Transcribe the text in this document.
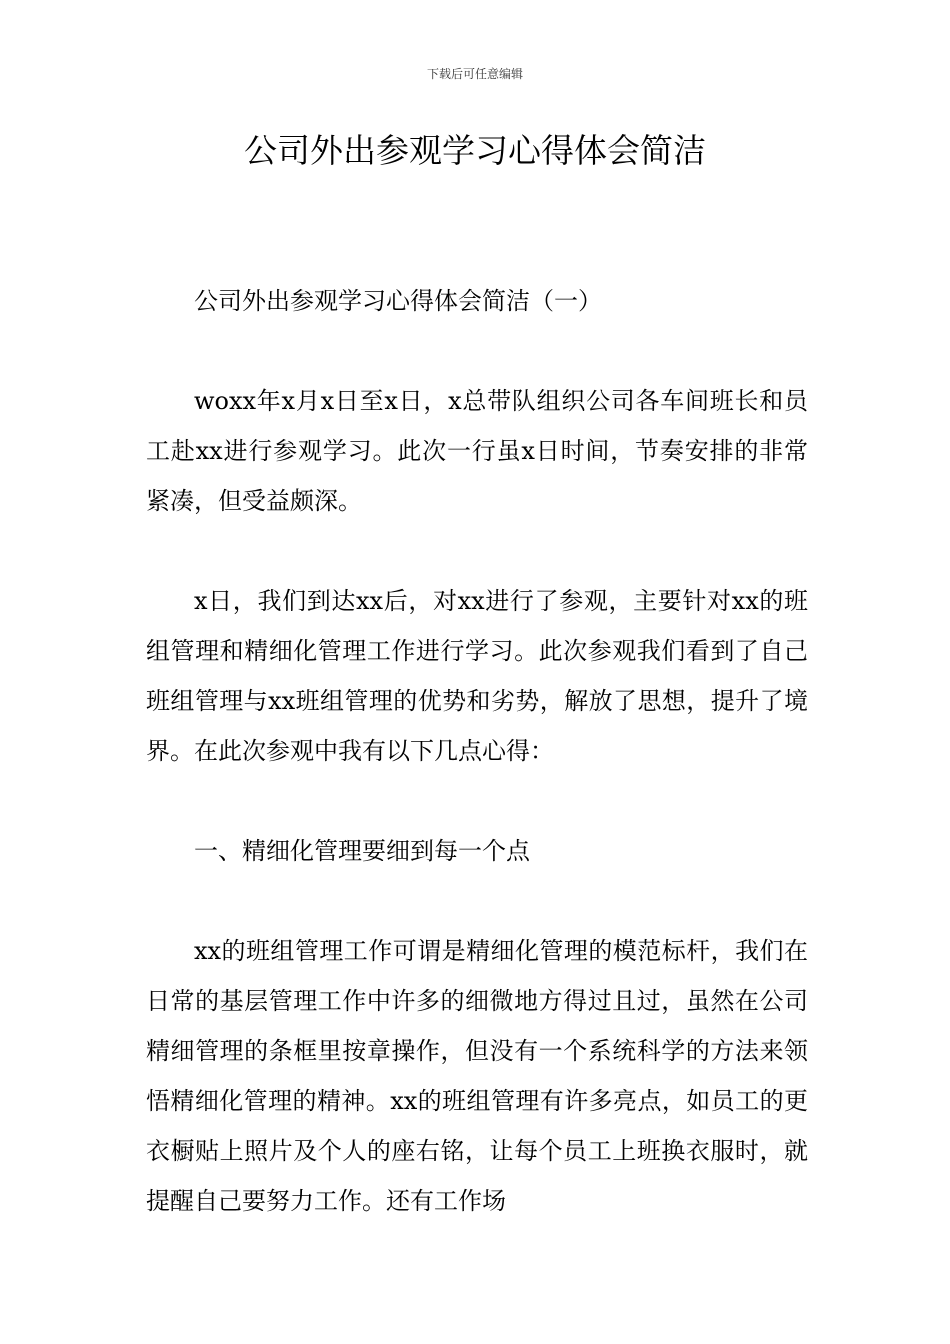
下载后可任意编辑
公司外出参观学习心得体会简洁

公司外出参观学习心得体会简洁（一）

woxx年x月x日至x日，x总带队组织公司各车间班长和员工赴xx进行参观学习。此次一行虽x日时间，节奏安排的非常紧凑，但受益颇深。

x日，我们到达xx后，对xx进行了参观，主要针对xx的班组管理和精细化管理工作进行学习。此次参观我们看到了自己班组管理与xx班组管理的优势和劣势，解放了思想，提升了境界。在此次参观中我有以下几点心得：

一、精细化管理要细到每一个点

xx的班组管理工作可谓是精细化管理的模范标杆，我们在日常的基层管理工作中许多的细微地方得过且过，虽然在公司精细管理的条框里按章操作，但没有一个系统科学的方法来领悟精细化管理的精神。xx的班组管理有许多亮点，如员工的更衣橱贴上照片及个人的座右铭，让每个员工上班换衣服时，就提醒自己要努力工作。还有工作场
